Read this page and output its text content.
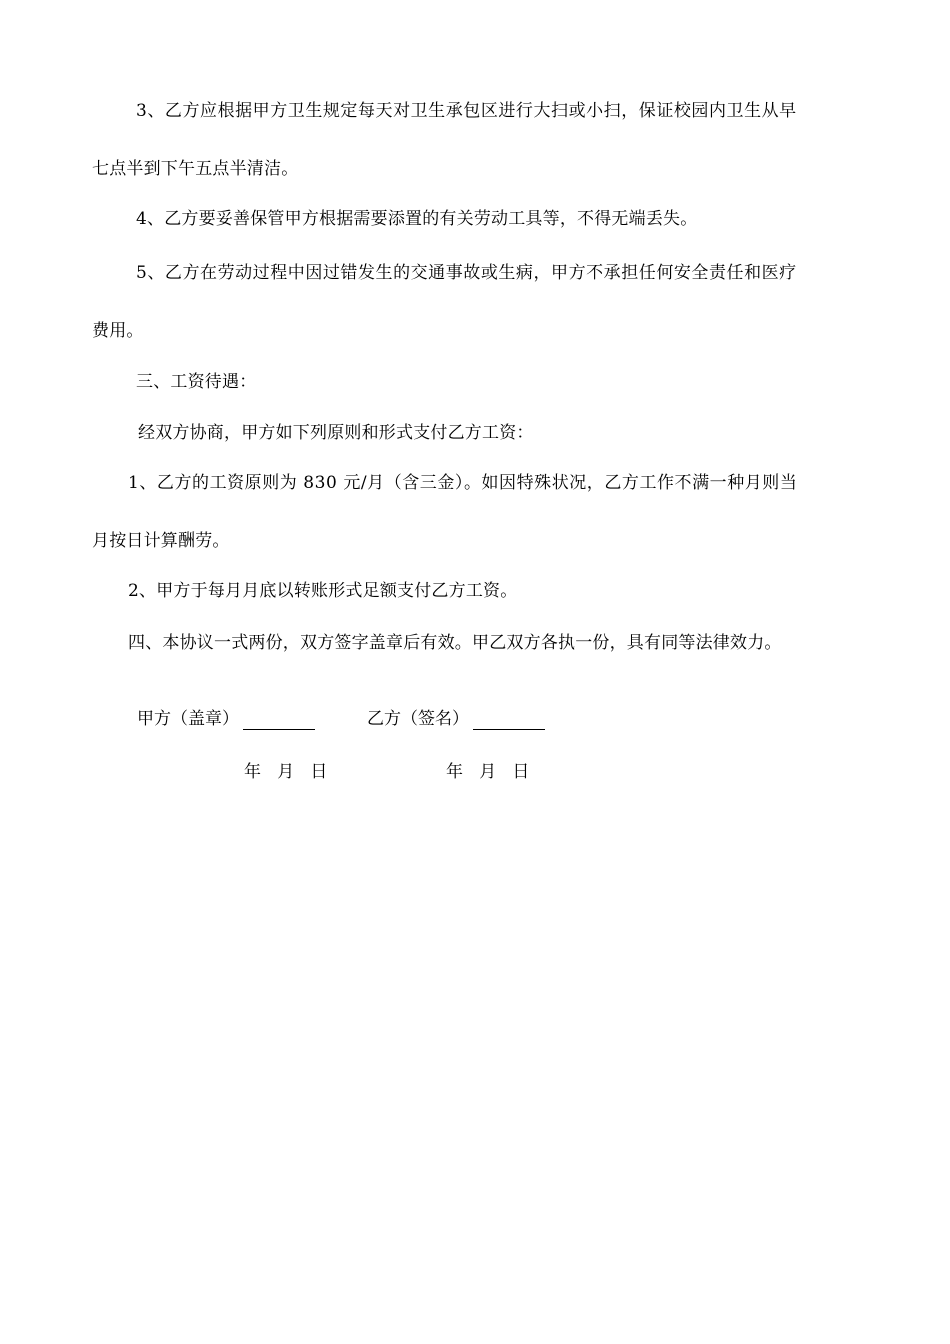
3、乙方应根据甲方卫生规定每天对卫生承包区进行大扫或小扫，保证校园内卫生从早
七点半到下午五点半清洁。
4、乙方要妥善保管甲方根据需要添置的有关劳动工具等，不得无端丢失。
5、乙方在劳动过程中因过错发生的交通事故或生病，甲方不承担任何安全责任和医疗
费用。
三、工资待遇：
经双方协商，甲方如下列原则和形式支付乙方工资：
1、乙方的工资原则为 830 元/月（含三金）。如因特殊状况，乙方工作不满一种月则当
月按日计算酬劳。
2、甲方于每月月底以转账形式足额支付乙方工资。
四、本协议一式两份，双方签字盖章后有效。甲乙双方各执一份，具有同等法律效力。
甲方（盖章）	乙方（签名）
年   月   日	年   月   日
